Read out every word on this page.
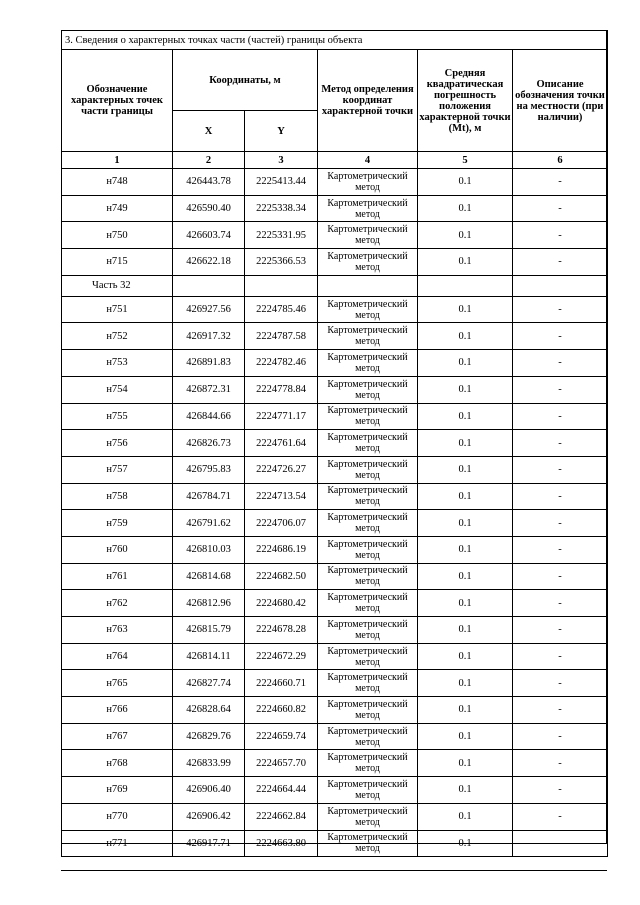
3. Сведения о характерных точках части (частей) границы объекта					
Обозначение характерных точек части границы	Координаты, м		Метод определения координат характерной точки	Средняя квадратическая погрешность положения характерной точки (Mt), м	Описание обозначения точки на местности (при наличии)
	X	Y			
1	2	3	4	5	6
н748	426443.78	2225413.44	Картометрический метод	0.1	-
н749	426590.40	2225338.34	Картометрический метод	0.1	-
н750	426603.74	2225331.95	Картометрический метод	0.1	-
н715	426622.18	2225366.53	Картометрический метод	0.1	-
Часть 32					
н751	426927.56	2224785.46	Картометрический метод	0.1	-
н752	426917.32	2224787.58	Картометрический метод	0.1	-
н753	426891.83	2224782.46	Картометрический метод	0.1	-
н754	426872.31	2224778.84	Картометрический метод	0.1	-
н755	426844.66	2224771.17	Картометрический метод	0.1	-
н756	426826.73	2224761.64	Картометрический метод	0.1	-
н757	426795.83	2224726.27	Картометрический метод	0.1	-
н758	426784.71	2224713.54	Картометрический метод	0.1	-
н759	426791.62	2224706.07	Картометрический метод	0.1	-
н760	426810.03	2224686.19	Картометрический метод	0.1	-
н761	426814.68	2224682.50	Картометрический метод	0.1	-
н762	426812.96	2224680.42	Картометрический метод	0.1	-
н763	426815.79	2224678.28	Картометрический метод	0.1	-
н764	426814.11	2224672.29	Картометрический метод	0.1	-
н765	426827.74	2224660.71	Картометрический метод	0.1	-
н766	426828.64	2224660.82	Картометрический метод	0.1	-
н767	426829.76	2224659.74	Картометрический метод	0.1	-
н768	426833.99	2224657.70	Картометрический метод	0.1	-
н769	426906.40	2224664.44	Картометрический метод	0.1	-
н770	426906.42	2224662.84	Картометрический метод	0.1	-
н771	426917.71	2224663.80	Картометрический метод	0.1	-
